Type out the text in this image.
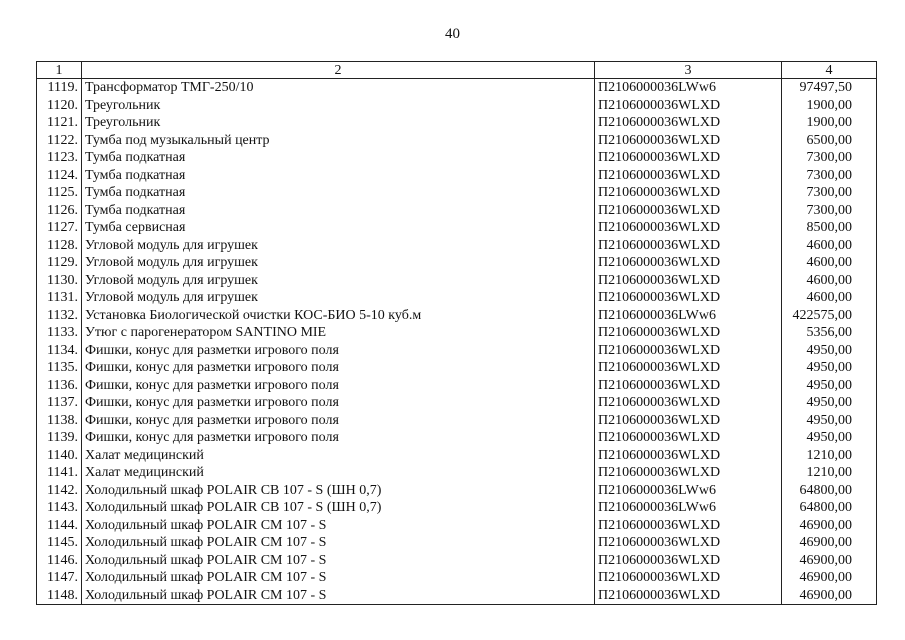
40
1	2	3	4
1119.	Трансформатор ТМГ-250/10	П2106000036LWw6	97497,50
1120.	Треугольник	П2106000036WLXD	1900,00
1121.	Треугольник	П2106000036WLXD	1900,00
1122.	Тумба под музыкальный центр	П2106000036WLXD	6500,00
1123.	Тумба подкатная	П2106000036WLXD	7300,00
1124.	Тумба подкатная	П2106000036WLXD	7300,00
1125.	Тумба подкатная	П2106000036WLXD	7300,00
1126.	Тумба подкатная	П2106000036WLXD	7300,00
1127.	Тумба сервисная	П2106000036WLXD	8500,00
1128.	Угловой модуль для игрушек	П2106000036WLXD	4600,00
1129.	Угловой модуль для игрушек	П2106000036WLXD	4600,00
1130.	Угловой модуль для игрушек	П2106000036WLXD	4600,00
1131.	Угловой модуль для игрушек	П2106000036WLXD	4600,00
1132.	Установка Биологической очистки КОС-БИО 5-10 куб.м	П2106000036LWw6	422575,00
1133.	Утюг с парогенератором SANTINO MIE	П2106000036WLXD	5356,00
1134.	Фишки, конус для разметки игрового поля	П2106000036WLXD	4950,00
1135.	Фишки, конус для разметки игрового поля	П2106000036WLXD	4950,00
1136.	Фишки, конус для разметки игрового поля	П2106000036WLXD	4950,00
1137.	Фишки, конус для разметки игрового поля	П2106000036WLXD	4950,00
1138.	Фишки, конус для разметки игрового поля	П2106000036WLXD	4950,00
1139.	Фишки, конус для разметки игрового поля	П2106000036WLXD	4950,00
1140.	Халат медицинский	П2106000036WLXD	1210,00
1141.	Халат медицинский	П2106000036WLXD	1210,00
1142.	Холодильный шкаф POLAIR CB 107 - S (ШН 0,7)	П2106000036LWw6	64800,00
1143.	Холодильный шкаф POLAIR CB 107 - S (ШН 0,7)	П2106000036LWw6	64800,00
1144.	Холодильный шкаф POLAIR CM 107 - S	П2106000036WLXD	46900,00
1145.	Холодильный шкаф POLAIR CM 107 - S	П2106000036WLXD	46900,00
1146.	Холодильный шкаф POLAIR CM 107 - S	П2106000036WLXD	46900,00
1147.	Холодильный шкаф POLAIR CM 107 - S	П2106000036WLXD	46900,00
1148.	Холодильный шкаф POLAIR CM 107 - S	П2106000036WLXD	46900,00
